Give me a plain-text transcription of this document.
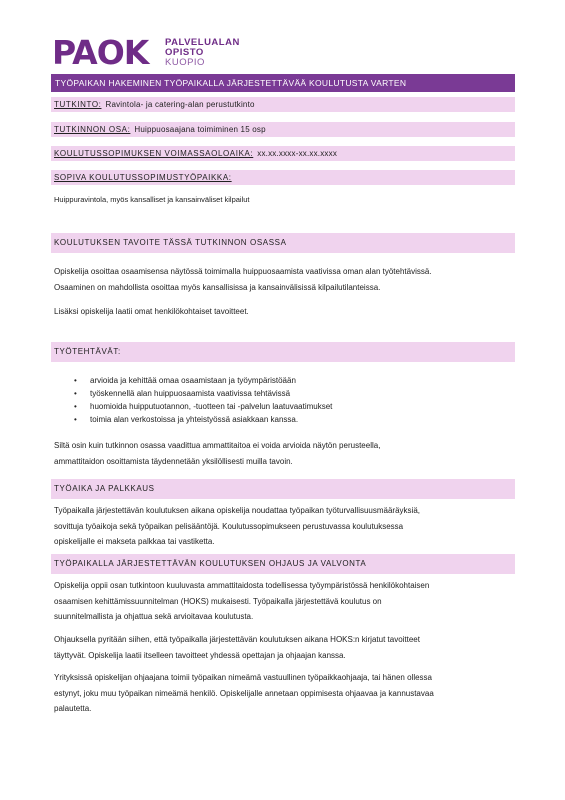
PAOK PALVELUALAN
OPISTO
KUOPIO
TYÖPAIKAN HAKEMINEN TYÖPAIKALLA JÄRJESTETTÄVÄÄ KOULUTUSTA VARTEN
TUTKINTO: Ravintola- ja catering-alan perustutkinto
TUTKINNON OSA: Huippuosaajana toimiminen 15 osp
KOULUTUSSOPIMUKSEN VOIMASSAOLOAIKA: xx.xx.xxxx-xx.xx.xxxx
SOPIVA KOULUTUSSOPIMUSTYÖPAIKKA:
Huippuravintola, myös kansalliset ja kansainväliset kilpailut
KOULUTUKSEN TAVOITE TÄSSÄ TUTKINNON OSASSA
Opiskelija osoittaa osaamisensa näytössä toimimalla huippuosaamista vaativissa oman alan työtehtävissä.
Osaaminen on mahdollista osoittaa myös kansallisissa ja kansainvälisissä kilpailutilanteissa.
Lisäksi opiskelija laatii omat henkilökohtaiset tavoitteet.
TYÖTEHTÄVÄT:
• arvioida ja kehittää omaa osaamistaan ja työympäristöään
• työskennellä alan huippuosaamista vaativissa tehtävissä
• huomioida huipputuotannon, -tuotteen tai -palvelun laatuvaatimukset
• toimia alan verkostoissa ja yhteistyössä asiakkaan kanssa.
Siltä osin kuin tutkinnon osassa vaadittua ammattitaitoa ei voida arvioida näytön perusteella,
ammattitaidon osoittamista täydennetään yksilöllisesti muilla tavoin.
TYÖAIKA JA PALKKAUS
Työpaikalla järjestettävän koulutuksen aikana opiskelija noudattaa työpaikan työturvallisuusmääräyksiä,
sovittuja työaikoja sekä työpaikan pelisääntöjä. Koulutussopimukseen perustuvassa koulutuksessa
opiskelijalle ei makseta palkkaa tai vastiketta.
TYÖPAIKALLA JÄRJESTETTÄVÄN KOULUTUKSEN OHJAUS JA VALVONTA
Opiskelija oppii osan tutkintoon kuuluvasta ammattitaidosta todellisessa työympäristössä henkilökohtaisen
osaamisen kehittämissuunnitelman (HOKS) mukaisesti. Työpaikalla järjestettävä koulutus on
suunnitelmallista ja ohjattua sekä arvioitavaa koulutusta.
Ohjauksella pyritään siihen, että työpaikalla järjestettävän koulutuksen aikana HOKS:n kirjatut tavoitteet
täyttyvät. Opiskelija laatii itselleen tavoitteet yhdessä opettajan ja ohjaajan kanssa.
Yrityksissä opiskelijan ohjaajana toimii työpaikan nimeämä vastuullinen työpaikkaohjaaja, tai hänen ollessa
estynyt, joku muu työpaikan nimeämä henkilö. Opiskelijalle annetaan oppimisesta ohjaavaa ja kannustavaa
palautetta.
